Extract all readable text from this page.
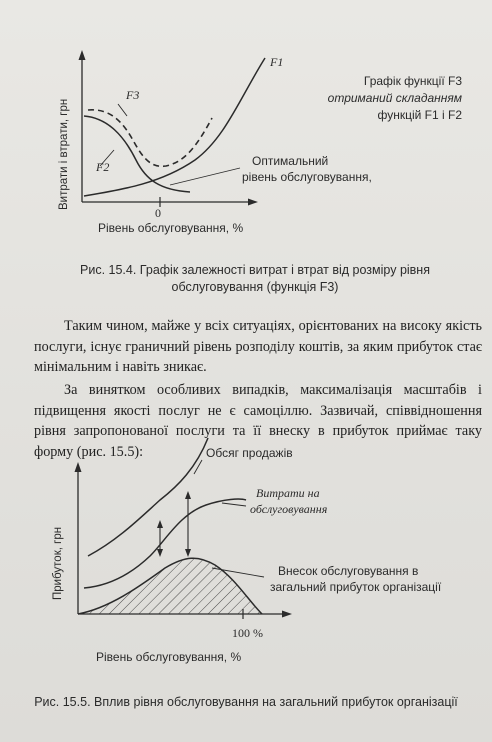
Витрати і втрати, грн
F1
F3
F2
0
Рівень обслуговування, %
Графік функції F3
отриманий складанням
функцій F1 і F2
Оптимальний
рівень обслуговування,
Рис. 15.4. Графік залежності витрат і втрат від розміру рівня
обслуговування (функція F3)
Таким чином, майже у всіх ситуаціях, орієнтованих на високу якість послуги, існує граничний рівень розподілу коштів, за яким прибуток стає мінімальним і навіть зникає.
За винятком особливих випадків, максималізація масштабів і підвищення якості послуг не є самоціллю. Зазвичай, співвідношення рівня запропонованої послуги та її внеску в прибуток приймає таку форму (рис. 15.5):
Прибуток, грн
Обсяг продажів
Витрати на
обслуговування
Внесок обслуговування в
загальний прибуток організації
100 %
Рівень обслуговування, %
Рис. 15.5. Вплив рівня обслуговування на загальний прибуток організації
